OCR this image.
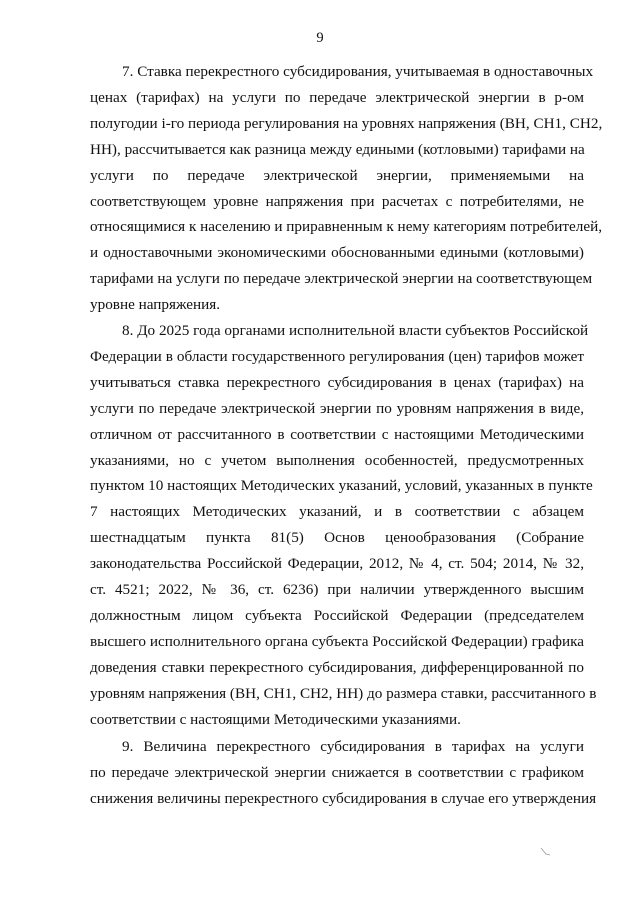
9

7. Ставка перекрестного субсидирования, учитываемая в одноставочных
ценах (тарифах) на услуги по передаче электрической энергии в р-ом
полугодии i-го периода регулирования на уровнях напряжения (ВН, СН1, СН2,
НН), рассчитывается как разница между едиными (котловыми) тарифами на
услуги по передаче электрической энергии, применяемыми на
соответствующем уровне напряжения при расчетах с потребителями, не
относящимися к населению и приравненным к нему категориям потребителей,
и одноставочными экономическими обоснованными едиными (котловыми)
тарифами на услуги по передаче электрической энергии на соответствующем
уровне напряжения.

8. До 2025 года органами исполнительной власти субъектов Российской
Федерации в области государственного регулирования (цен) тарифов может
учитываться ставка перекрестного субсидирования в ценах (тарифах) на
услуги по передаче электрической энергии по уровням напряжения в виде,
отличном от рассчитанного в соответствии с настоящими Методическими
указаниями, но с учетом выполнения особенностей, предусмотренных
пунктом 10 настоящих Методических указаний, условий, указанных в пункте
7 настоящих Методических указаний, и в соответствии с абзацем
шестнадцатым пункта 81(5) Основ ценообразования (Собрание
законодательства Российской Федерации, 2012, № 4, ст. 504; 2014, № 32,
ст. 4521; 2022, № 36, ст. 6236) при наличии утвержденного высшим
должностным лицом субъекта Российской Федерации (председателем
высшего исполнительного органа субъекта Российской Федерации) графика
доведения ставки перекрестного субсидирования, дифференцированной по
уровням напряжения (ВН, СН1, СН2, НН) до размера ставки, рассчитанного в
соответствии с настоящими Методическими указаниями.

9. Величина перекрестного субсидирования в тарифах на услуги
по передаче электрической энергии снижается в соответствии с графиком
снижения величины перекрестного субсидирования в случае его утверждения
